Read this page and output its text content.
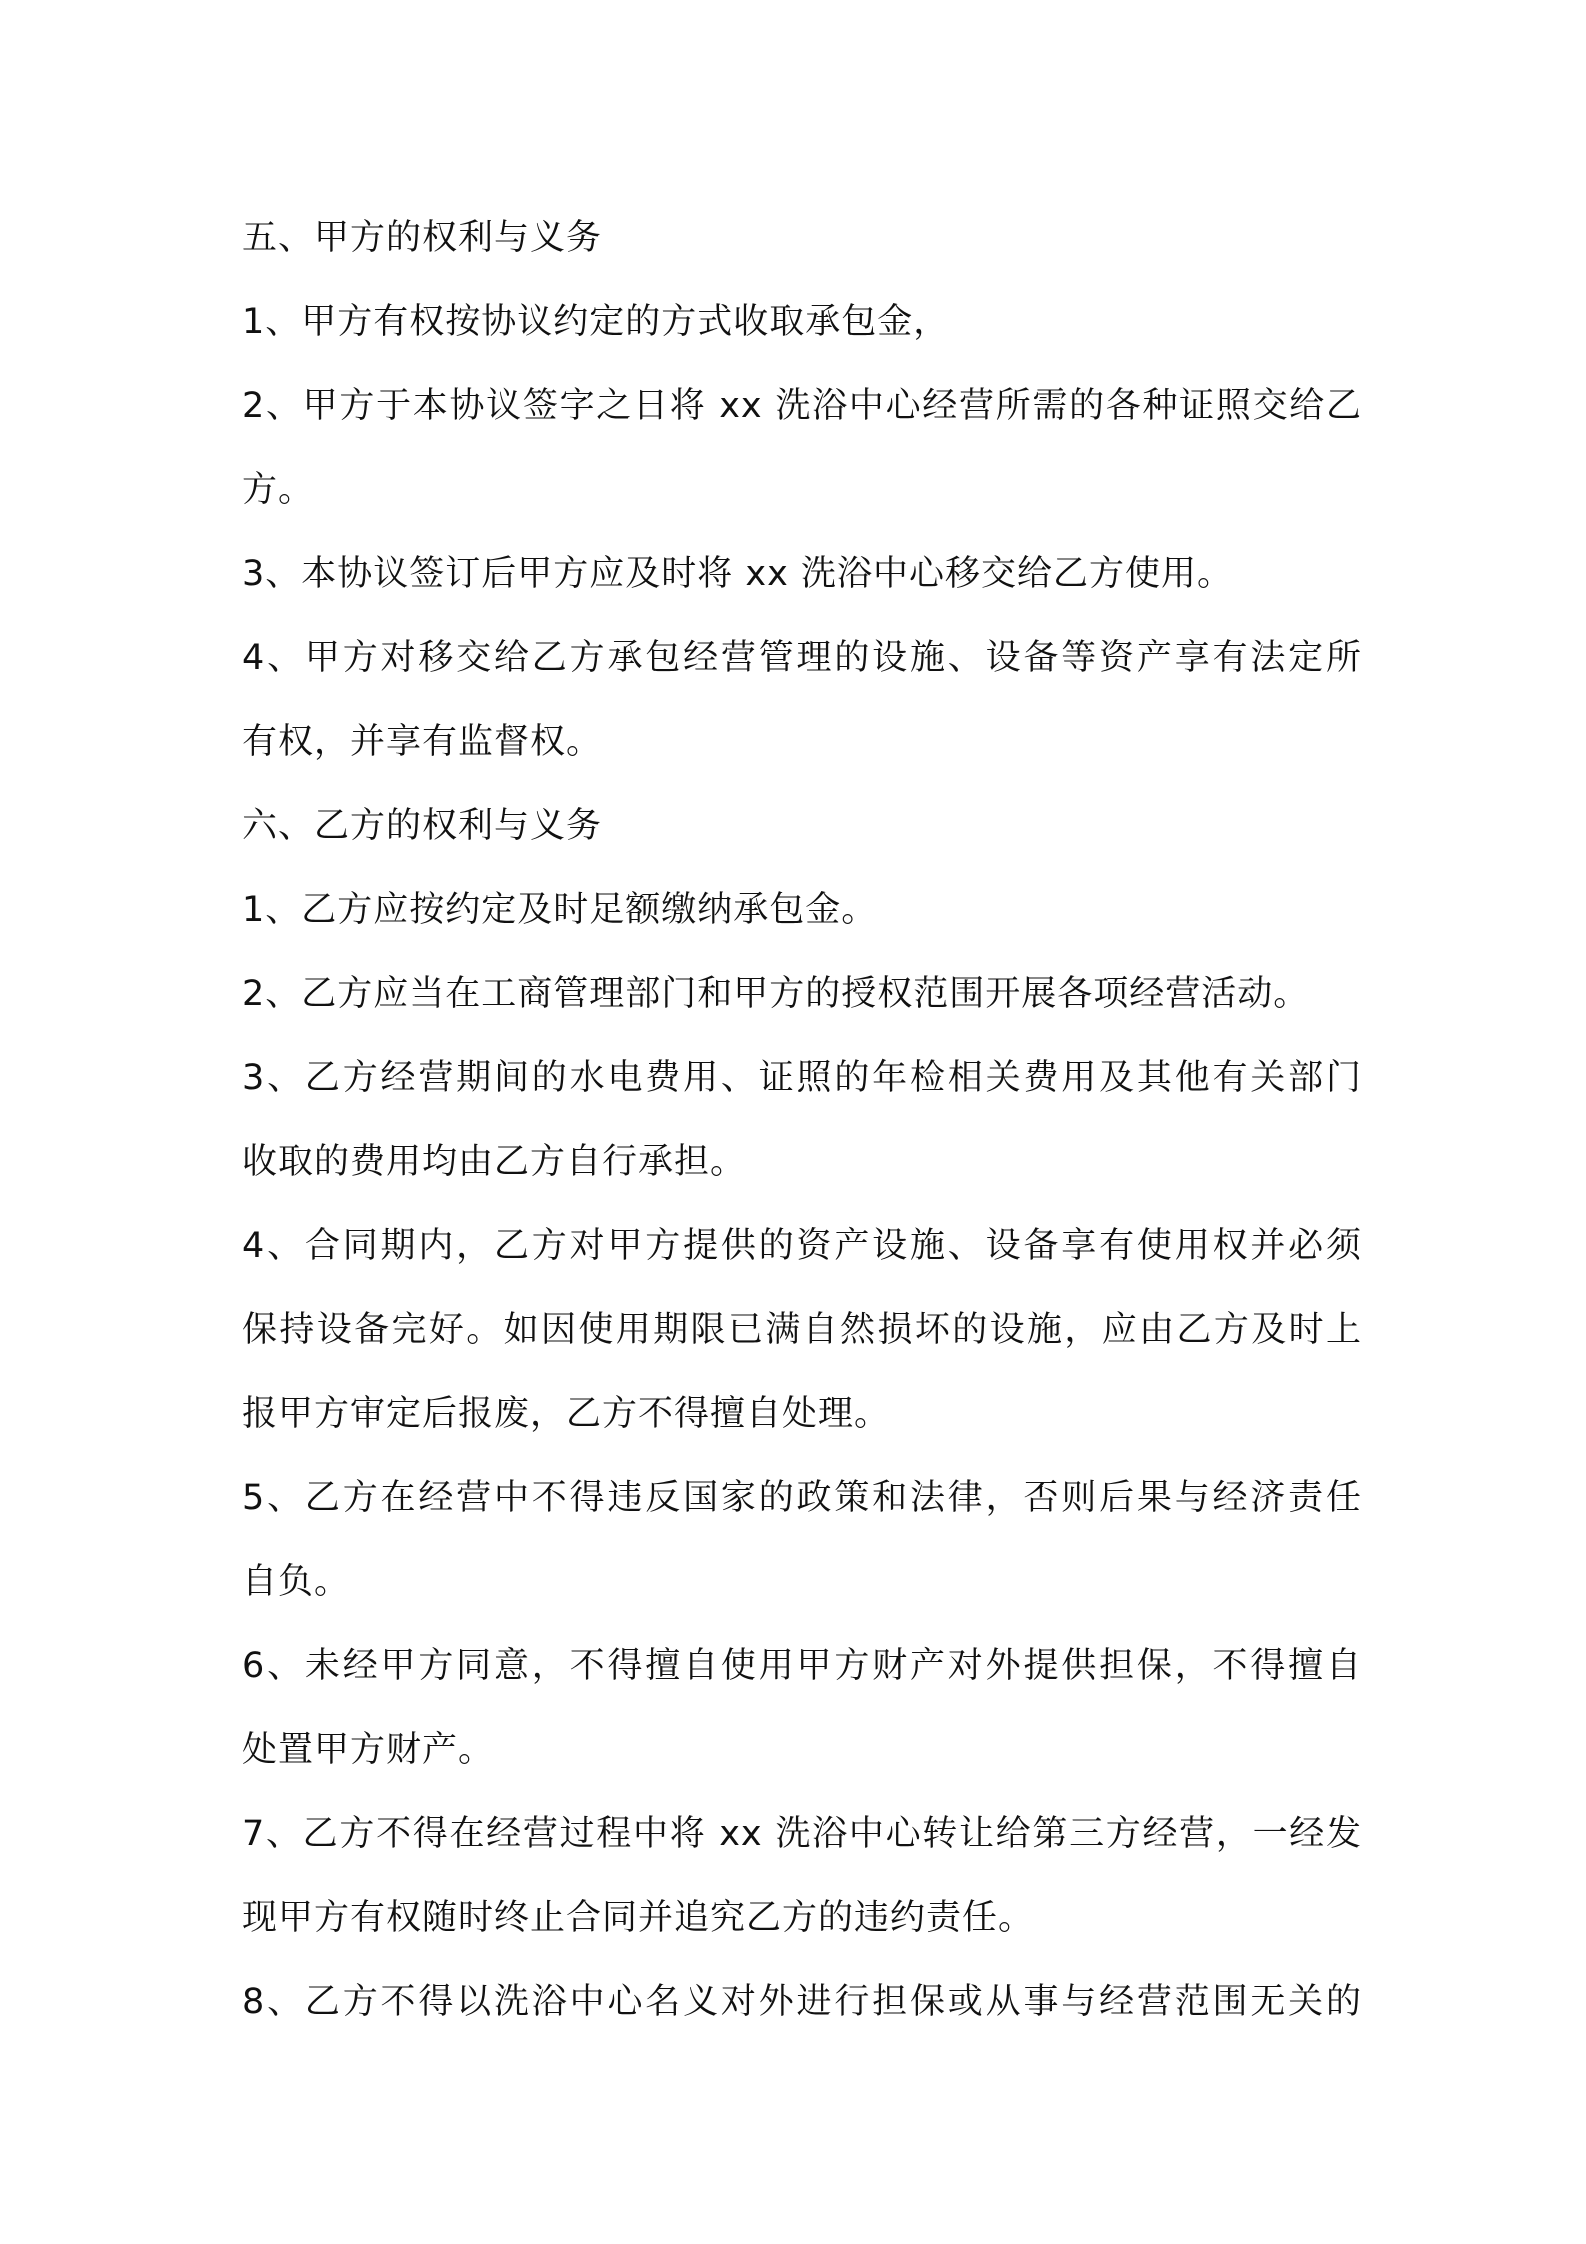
五、甲方的权利与义务
1、甲方有权按协议约定的方式收取承包金，
2、甲方于本协议签字之日将 xx 洗浴中心经营所需的各种证照交给乙
方。
3、本协议签订后甲方应及时将 xx 洗浴中心移交给乙方使用。
4、甲方对移交给乙方承包经营管理的设施、设备等资产享有法定所
有权，并享有监督权。
六、乙方的权利与义务
1、乙方应按约定及时足额缴纳承包金。
2、乙方应当在工商管理部门和甲方的授权范围开展各项经营活动。
3、乙方经营期间的水电费用、证照的年检相关费用及其他有关部门
收取的费用均由乙方自行承担。
4、合同期内，乙方对甲方提供的资产设施、设备享有使用权并必须
保持设备完好。如因使用期限已满自然损坏的设施，应由乙方及时上
报甲方审定后报废，乙方不得擅自处理。
5、乙方在经营中不得违反国家的政策和法律，否则后果与经济责任
自负。
6、未经甲方同意，不得擅自使用甲方财产对外提供担保，不得擅自
处置甲方财产。
7、乙方不得在经营过程中将 xx 洗浴中心转让给第三方经营，一经发
现甲方有权随时终止合同并追究乙方的违约责任。
8、乙方不得以洗浴中心名义对外进行担保或从事与经营范围无关的
